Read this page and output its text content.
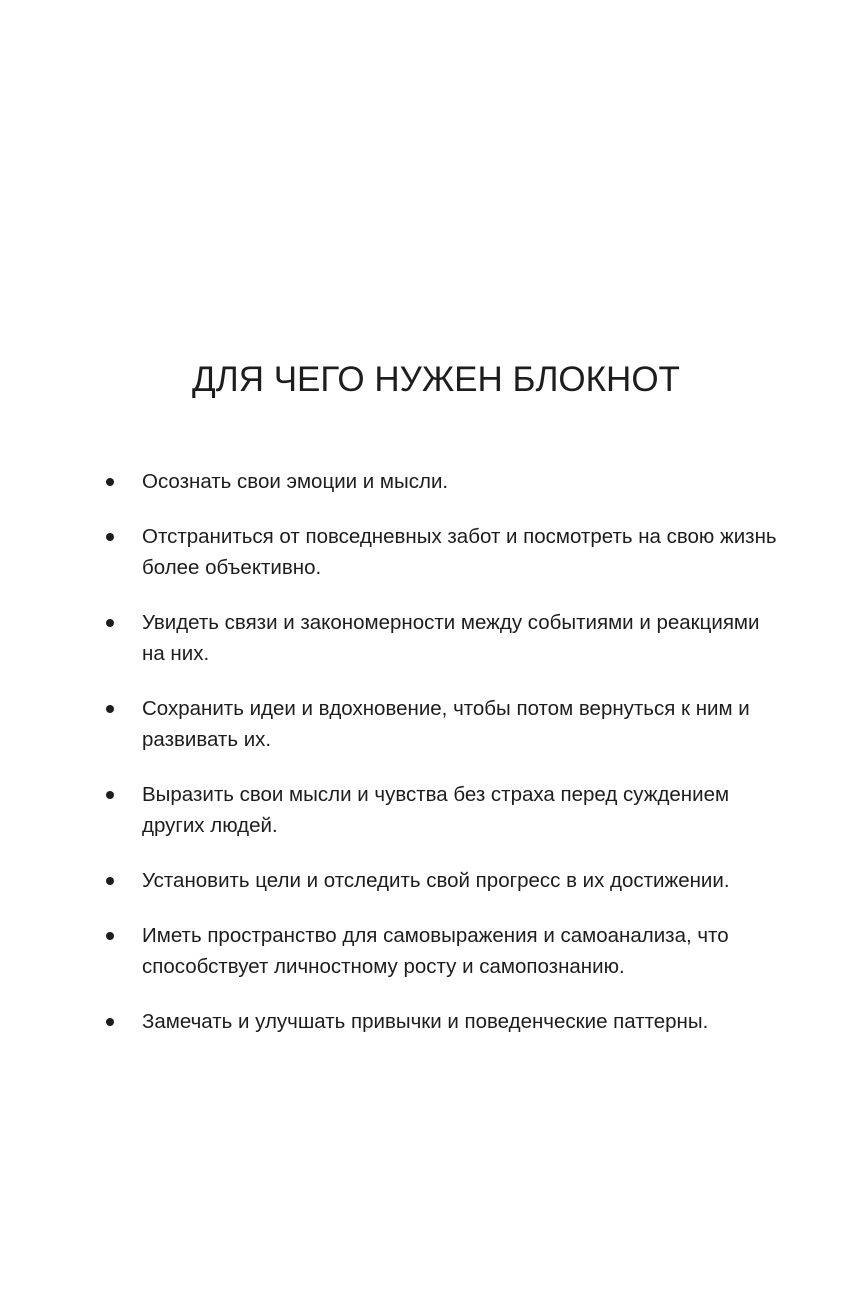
ДЛЯ ЧЕГО НУЖЕН БЛОКНОТ
Осознать свои эмоции и мысли.
Отстраниться от повседневных забот и посмотреть на свою жизнь более объективно.
Увидеть связи и закономерности между событиями и реакциями на них.
Сохранить идеи и вдохновение, чтобы потом вернуться к ним и развивать их.
Выразить свои мысли и чувства без страха перед суждением других людей.
Установить цели и отследить свой прогресс в их достижении.
Иметь пространство для самовыражения и самоанализа, что способствует личностному росту и самопознанию.
Замечать и улучшать привычки и поведенческие паттерны.
